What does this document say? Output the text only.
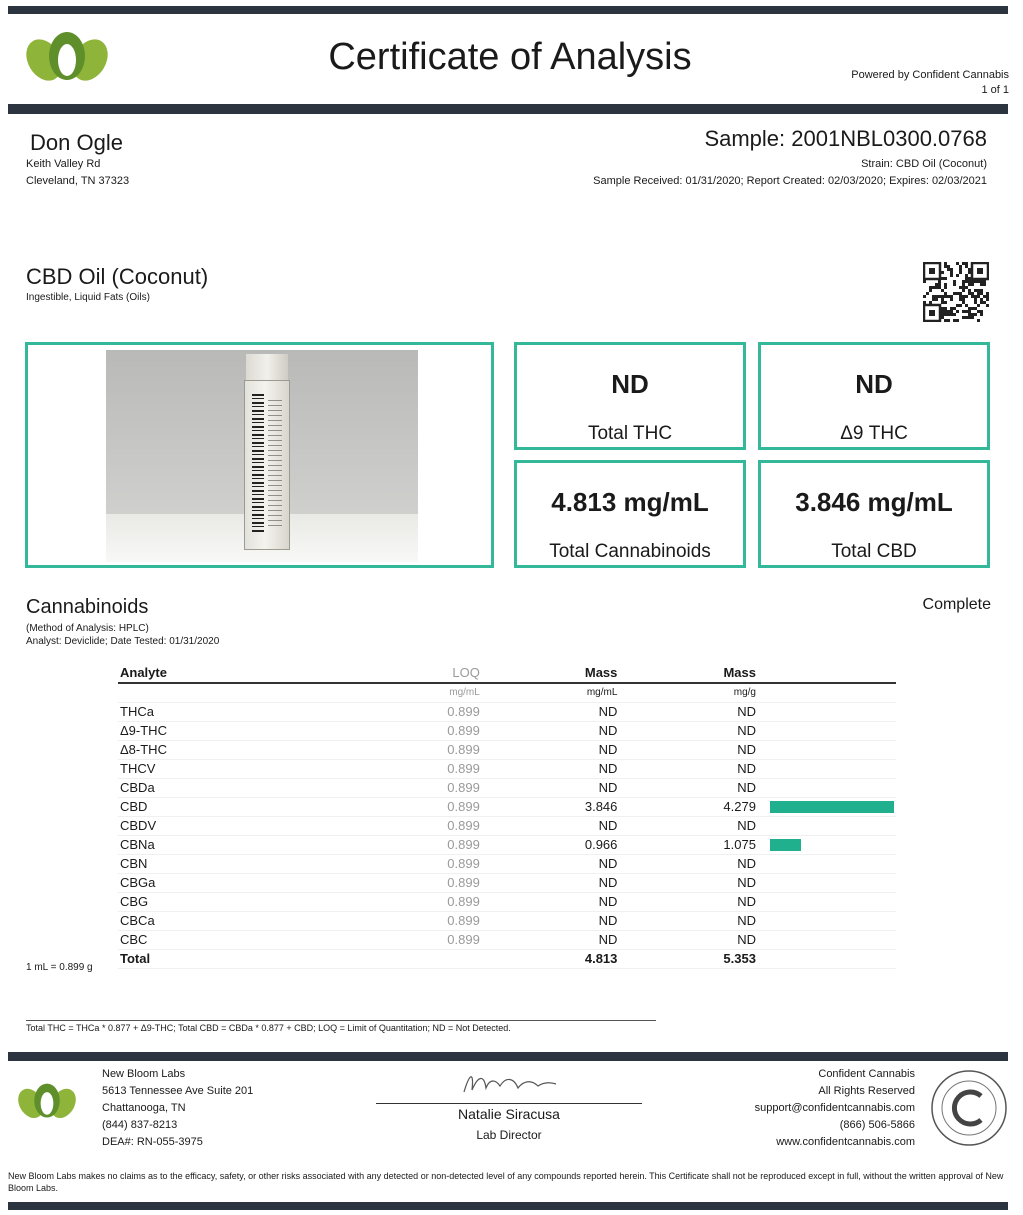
Certificate of Analysis	Powered by Confident Cannabis
1 of 1
Don Ogle
Keith Valley Rd
Cleveland, TN 37323
Sample: 2001NBL0300.0768
Strain: CBD Oil (Coconut)
Sample Received: 01/31/2020; Report Created: 02/03/2020; Expires: 02/03/2021
CBD Oil (Coconut)
Ingestible, Liquid Fats (Oils)
ND
Total THC
ND
Δ9 THC
4.813 mg/mL
Total Cannabinoids
3.846 mg/mL
Total CBD
Cannabinoids
(Method of Analysis: HPLC)
Analyst: Deviclide; Date Tested: 01/31/2020
Complete
Analyte	LOQ	Mass	Mass	
	mg/mL	mg/mL	mg/g	
THCa	0.899	ND	ND	
Δ9-THC	0.899	ND	ND	
Δ8-THC	0.899	ND	ND	
THCV	0.899	ND	ND	
CBDa	0.899	ND	ND	
CBD	0.899	3.846	4.279	

CBDV	0.899	ND	ND	
CBNa	0.899	0.966	1.075	

CBN	0.899	ND	ND	
CBGa	0.899	ND	ND	
CBG	0.899	ND	ND	
CBCa	0.899	ND	ND	
CBC	0.899	ND	ND	
Total		4.813	5.353	
1 mL = 0.899 g
Total THC = THCa * 0.877 + Δ9-THC; Total CBD = CBDa * 0.877 + CBD; LOQ = Limit of Quantitation; ND = Not Detected.
New Bloom Labs
5613 Tennessee Ave Suite 201
Chattanooga, TN
(844) 837-8213
DEA#: RN-055-3975
Natalie Siracusa
Lab Director
Confident Cannabis
All Rights Reserved
support@confidentcannabis.com
(866) 506-5866
www.confidentcannabis.com
New Bloom Labs makes no claims as to the efficacy, safety, or other risks associated with any detected or non-detected level of any compounds reported herein. This Certificate shall not be reproduced except in full, without the written approval of New Bloom Labs.
